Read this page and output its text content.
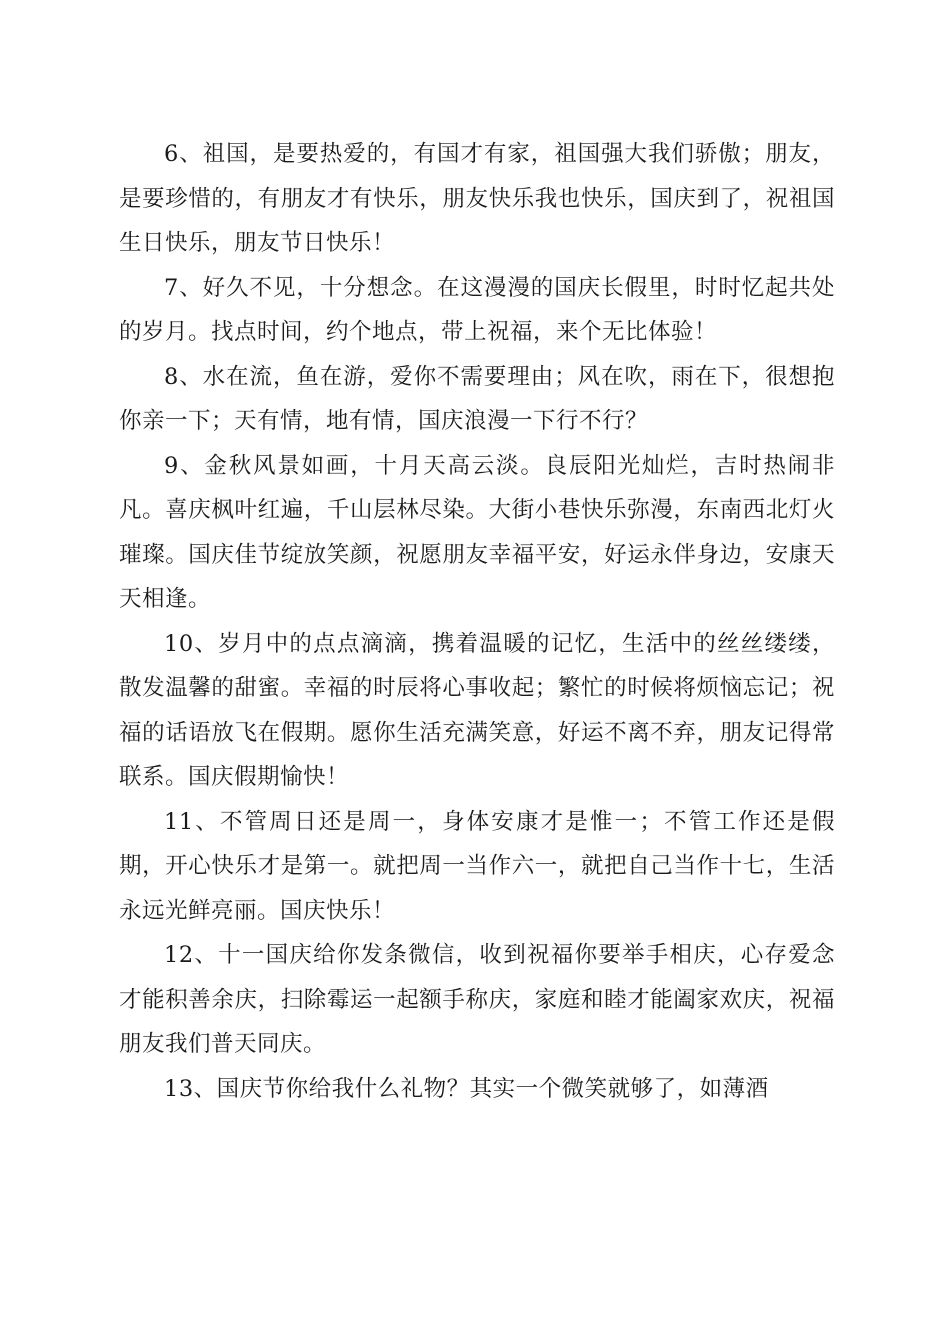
6、祖国，是要热爱的，有国才有家，祖国强大我们骄傲；朋友，是要珍惜的，有朋友才有快乐，朋友快乐我也快乐，国庆到了，祝祖国生日快乐，朋友节日快乐！

7、好久不见，十分想念。在这漫漫的国庆长假里，时时忆起共处的岁月。找点时间，约个地点，带上祝福，来个无比体验！

8、水在流，鱼在游，爱你不需要理由；风在吹，雨在下，很想抱你亲一下；天有情，地有情，国庆浪漫一下行不行？

9、金秋风景如画，十月天高云淡。良辰阳光灿烂，吉时热闹非凡。喜庆枫叶红遍，千山层林尽染。大街小巷快乐弥漫，东南西北灯火璀璨。国庆佳节绽放笑颜，祝愿朋友幸福平安，好运永伴身边，安康天天相逢。

10、岁月中的点点滴滴，携着温暖的记忆，生活中的丝丝缕缕，散发温馨的甜蜜。幸福的时辰将心事收起；繁忙的时候将烦恼忘记；祝福的话语放飞在假期。愿你生活充满笑意，好运不离不弃，朋友记得常联系。国庆假期愉快！

11、不管周日还是周一，身体安康才是惟一；不管工作还是假期，开心快乐才是第一。就把周一当作六一，就把自己当作十七，生活永远光鲜亮丽。国庆快乐！

12、十一国庆给你发条微信，收到祝福你要举手相庆，心存爱念才能积善余庆，扫除霉运一起额手称庆，家庭和睦才能阖家欢庆，祝福朋友我们普天同庆。

13、国庆节你给我什么礼物？其实一个微笑就够了，如薄酒
